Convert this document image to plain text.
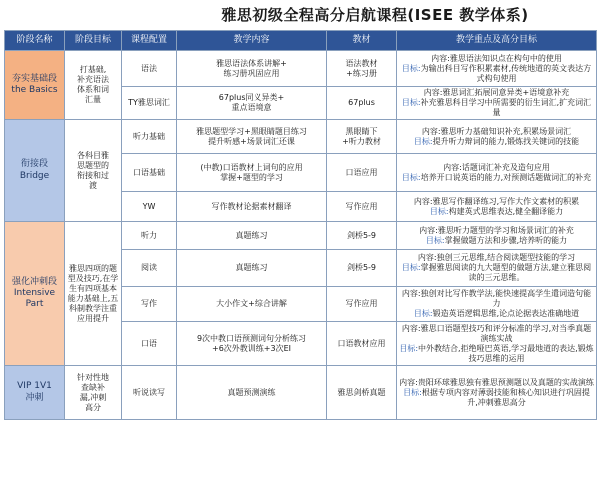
雅思初级全程高分启航课程(ISEE 教学体系)
阶段名称	阶段目标	课程配置	教学内容	教材	教学重点及高分目标
夯实基础段
the Basics	打基础,
补充语法
体系和词
汇量	语法	雅思语法体系讲解+
练习册巩固应用	语法教材
+练习册	内容:雅思语法知识点在构句中的使用
目标:为输出科目写作积累素材,传统地道的英文表达方式构句使用

		TY雅思词汇	67plus同义异类+
重点语境意	67plus	内容:雅思词汇拓展同意异类+语境意补充
目标:补充雅思科目学习中所需要的衍生词汇,扩充词汇量

衔接段
Bridge	各科目雅
思题型的
衔接和过
渡	听力基础	雅思题型学习+黑眼睛题目练习
提升听感+场景词汇还课	黑眼睛下
+听力教材	内容:雅思听力基础知识补充,积累场景词汇
目标:提升听力辩词的能力,锻炼找关键词的技能

		口语基础	(中教)口语教材上词句的应用
掌握+题型的学习	口语应用	内容:话题词汇补充及造句应用
目标:培养开口说英语的能力,对预测话题做词汇的补充

		YW	写作教材论据素材翻译	写作应用	内容:雅思写作翻译练习,写作大作文素材的积累
目标:构建英式思维表达,健全翻译能力

强化冲刺段
Intensive
Part	雅思四项的题型及技巧,在学生有四项基本能力基础上,五科制教学注重应用提升	听力	真题练习	剑桥5-9	内容:雅思听力题型的学习和场景词汇的补充
目标:掌握做题方法和步骤,培养听的能力

		阅读	真题练习	剑桥5-9	内容:独创三元思维,结合阅读题型技能的学习
目标:掌握雅思阅读的九大题型的做题方法,建立雅思阅读的三元思维。

		写作	大小作文+综合讲解	写作应用	内容:独创对比写作教学法,能快速提高学生遣词造句能力
目标:锻造英语逻辑思维,论点论据表达准确地道

		口语	9次中教口语预测词句分析练习
+6次外教训练+3次EI	口语教材应用	内容:雅思口语题型技巧和评分标准的学习,对当季真题演练实战
目标:中外教结合,拒绝哑巴英语,学习最地道的表达,锻炼技巧思维的运用

VIP 1V1
冲刺	针对性地
查缺补
漏,冲刺
高分	听说读写	真题预测演练	雅思剑桥真题	内容:贵阳环球雅思独有雅思预测题以及真题的实战演练
目标:根据专项内容对薄弱技能和核心知识进行巩固提升,冲刺雅思高分
